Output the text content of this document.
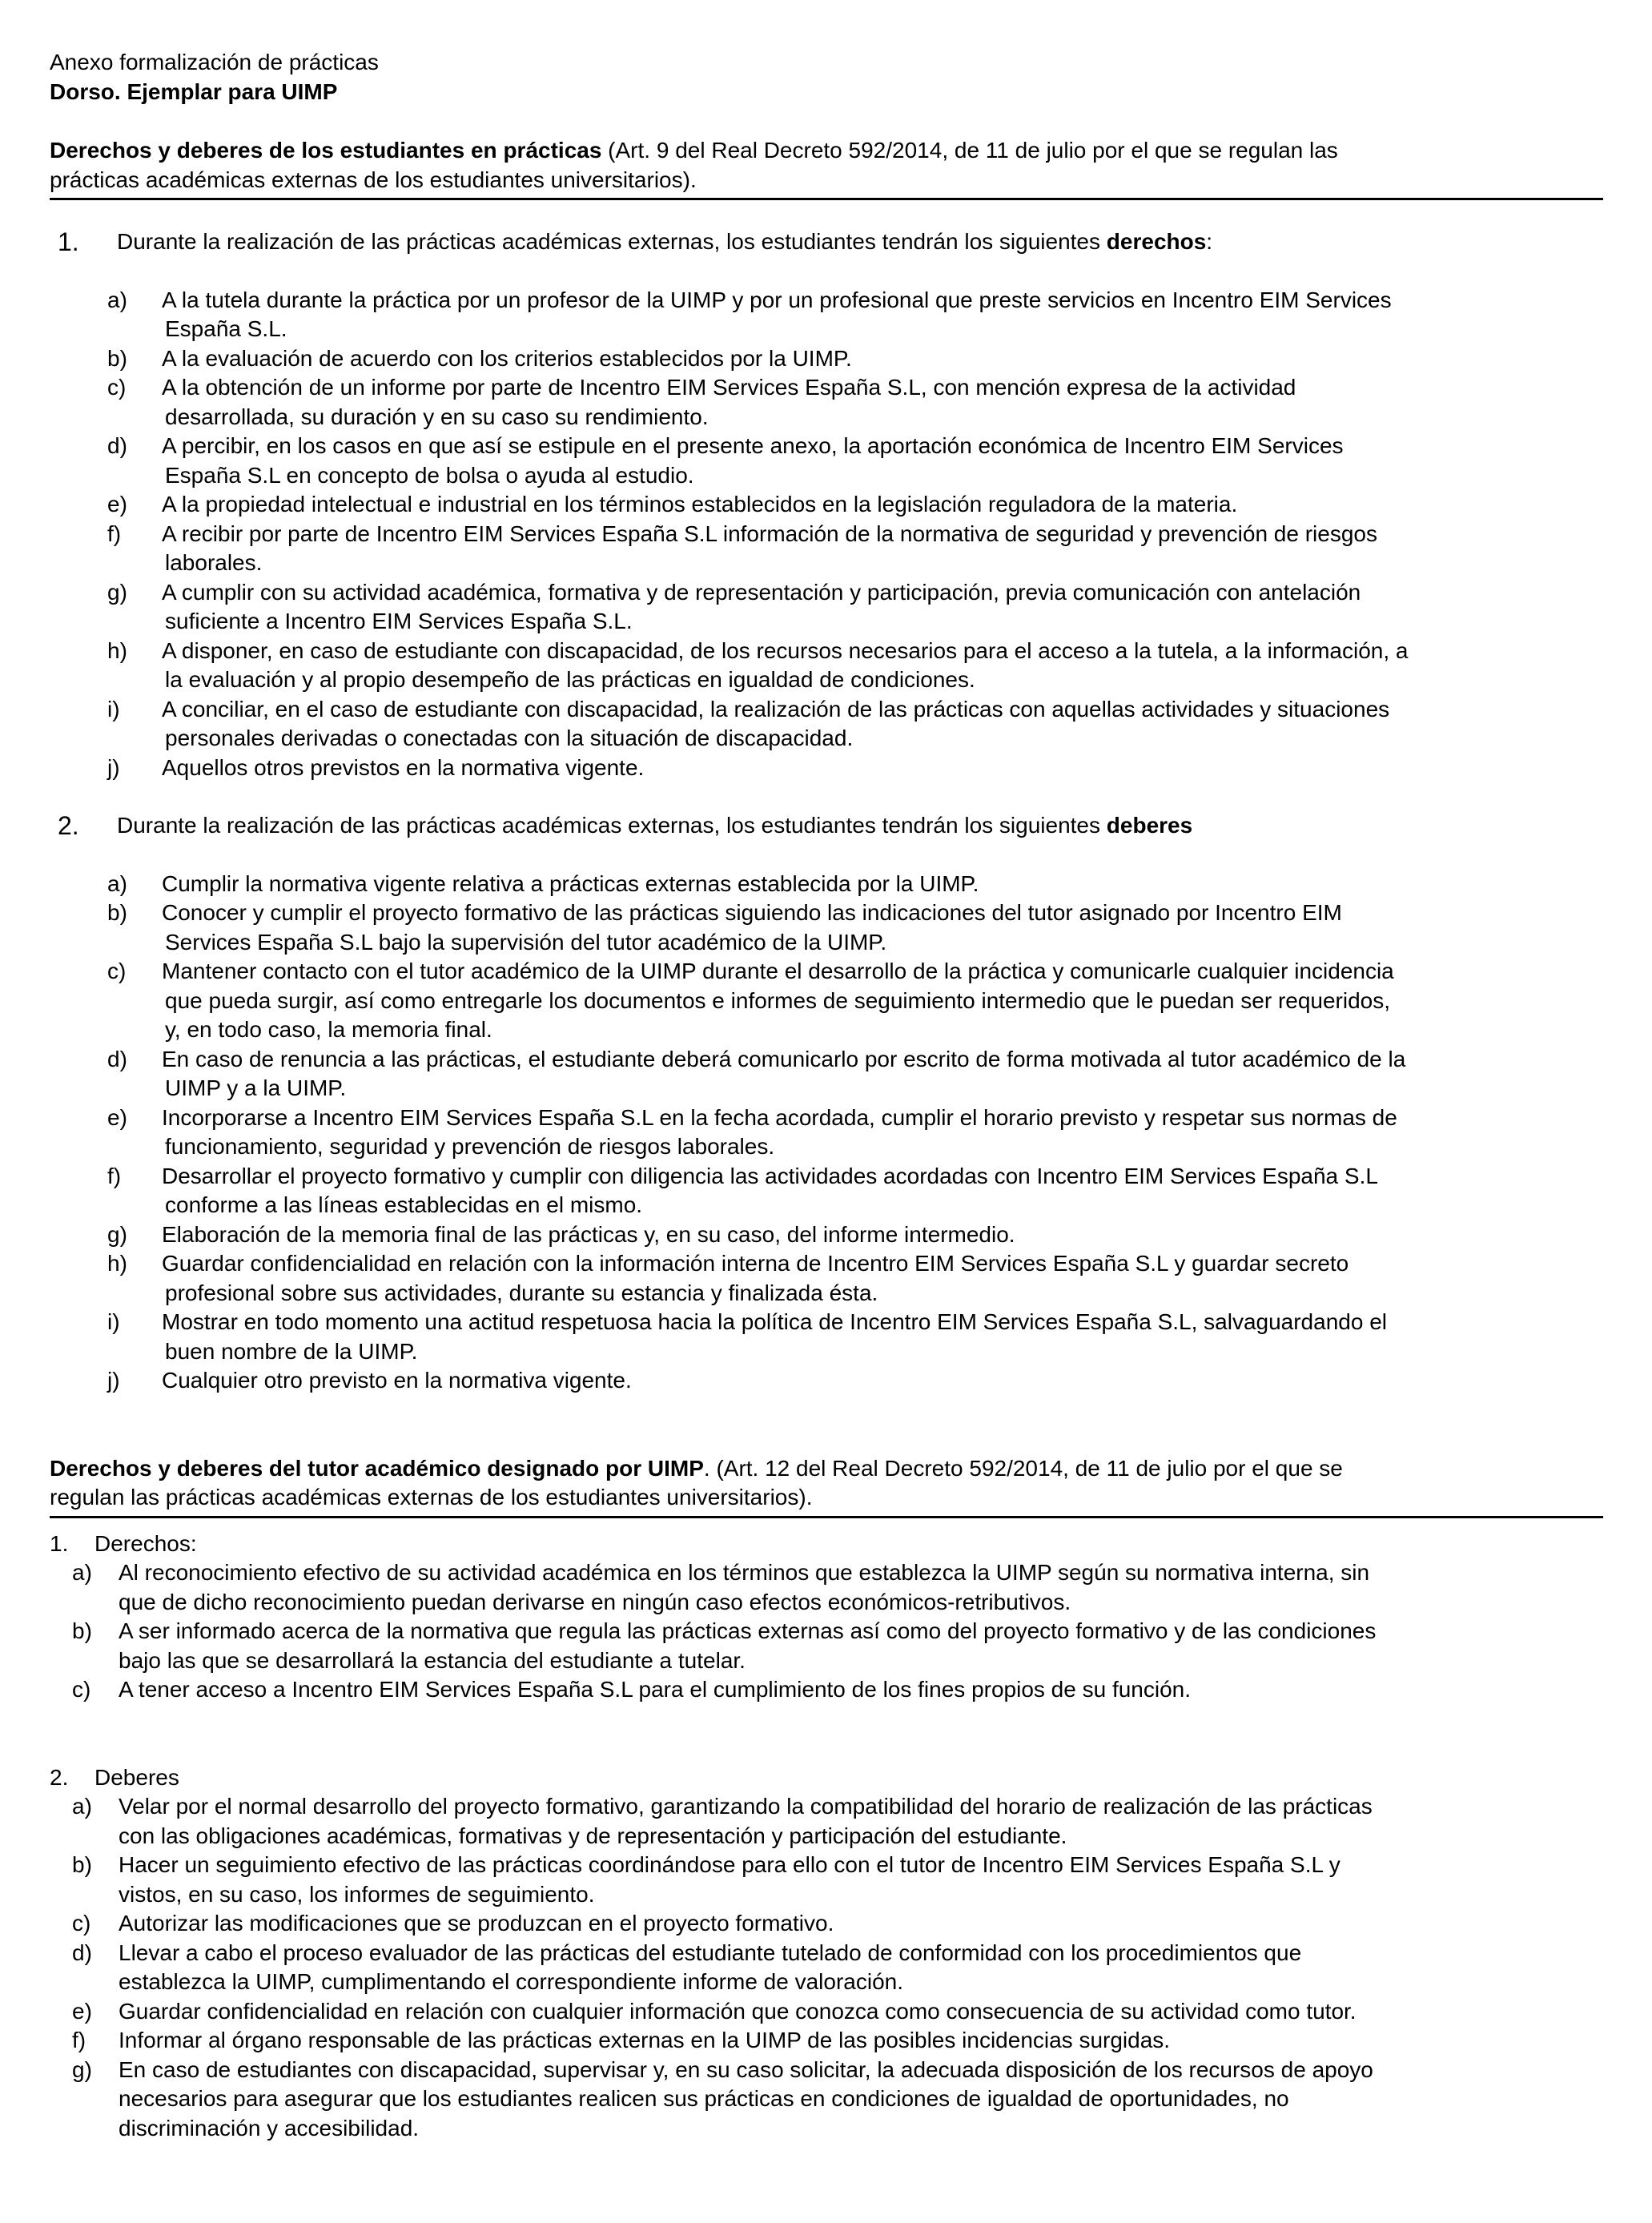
Anexo formalización de prácticas

Dorso. Ejemplar para UIMP

Derechos y deberes de los estudiantes en prácticas (Art. 9 del Real Decreto 592/2014, de 11 de julio por el que se regulan las

prácticas académicas externas de los estudiantes universitarios).

1. Durante la realización de las prácticas académicas externas, los estudiantes tendrán los siguientes derechos:

a) A la tutela durante la práctica por un profesor de la UIMP y por un profesional que preste servicios en Incentro EIM Services
España S.L.
b) A la evaluación de acuerdo con los criterios establecidos por la UIMP.
c) A la obtención de un informe por parte de Incentro EIM Services España S.L, con mención expresa de la actividad
desarrollada, su duración y en su caso su rendimiento.
d) A percibir, en los casos en que así se estipule en el presente anexo, la aportación económica de Incentro EIM Services
España S.L en concepto de bolsa o ayuda al estudio.
e) A la propiedad intelectual e industrial en los términos establecidos en la legislación reguladora de la materia.
f) A recibir por parte de Incentro EIM Services España S.L información de la normativa de seguridad y prevención de riesgos
laborales.
g) A cumplir con su actividad académica, formativa y de representación y participación, previa comunicación con antelación
suficiente a Incentro EIM Services España S.L.
h) A disponer, en caso de estudiante con discapacidad, de los recursos necesarios para el acceso a la tutela, a la información, a
la evaluación y al propio desempeño de las prácticas en igualdad de condiciones.
i) A conciliar, en el caso de estudiante con discapacidad, la realización de las prácticas con aquellas actividades y situaciones
personales derivadas o conectadas con la situación de discapacidad.
j) Aquellos otros previstos en la normativa vigente.

2. Durante la realización de las prácticas académicas externas, los estudiantes tendrán los siguientes deberes

a) Cumplir la normativa vigente relativa a prácticas externas establecida por la UIMP.
b) Conocer y cumplir el proyecto formativo de las prácticas siguiendo las indicaciones del tutor asignado por Incentro EIM
Services España S.L bajo la supervisión del tutor académico de la UIMP.
c) Mantener contacto con el tutor académico de la UIMP durante el desarrollo de la práctica y comunicarle cualquier incidencia
que pueda surgir, así como entregarle los documentos e informes de seguimiento intermedio que le puedan ser requeridos,
y, en todo caso, la memoria final.
d) En caso de renuncia a las prácticas, el estudiante deberá comunicarlo por escrito de forma motivada al tutor académico de la
UIMP y a la UIMP.
e) Incorporarse a Incentro EIM Services España S.L en la fecha acordada, cumplir el horario previsto y respetar sus normas de
funcionamiento, seguridad y prevención de riesgos laborales.
f) Desarrollar el proyecto formativo y cumplir con diligencia las actividades acordadas con Incentro EIM Services España S.L
conforme a las líneas establecidas en el mismo.
g) Elaboración de la memoria final de las prácticas y, en su caso, del informe intermedio.
h) Guardar confidencialidad en relación con la información interna de Incentro EIM Services España S.L y guardar secreto
profesional sobre sus actividades, durante su estancia y finalizada ésta.
i) Mostrar en todo momento una actitud respetuosa hacia la política de Incentro EIM Services España S.L, salvaguardando el
buen nombre de la UIMP.
j) Cualquier otro previsto en la normativa vigente.

Derechos y deberes del tutor académico designado por UIMP. (Art. 12 del Real Decreto 592/2014, de 11 de julio por el que se

regulan las prácticas académicas externas de los estudiantes universitarios).

1. Derechos:

a) Al reconocimiento efectivo de su actividad académica en los términos que establezca la UIMP según su normativa interna, sin
que de dicho reconocimiento puedan derivarse en ningún caso efectos económicos-retributivos.
b) A ser informado acerca de la normativa que regula las prácticas externas así como del proyecto formativo y de las condiciones
bajo las que se desarrollará la estancia del estudiante a tutelar.
c) A tener acceso a Incentro EIM Services España S.L para el cumplimiento de los fines propios de su función.

2. Deberes

a) Velar por el normal desarrollo del proyecto formativo, garantizando la compatibilidad del horario de realización de las prácticas
con las obligaciones académicas, formativas y de representación y participación del estudiante.
b) Hacer un seguimiento efectivo de las prácticas coordinándose para ello con el tutor de Incentro EIM Services España S.L y
vistos, en su caso, los informes de seguimiento.
c) Autorizar las modificaciones que se produzcan en el proyecto formativo.
d) Llevar a cabo el proceso evaluador de las prácticas del estudiante tutelado de conformidad con los procedimientos que
establezca la UIMP, cumplimentando el correspondiente informe de valoración.
e) Guardar confidencialidad en relación con cualquier información que conozca como consecuencia de su actividad como tutor.
f) Informar al órgano responsable de las prácticas externas en la UIMP de las posibles incidencias surgidas.
g) En caso de estudiantes con discapacidad, supervisar y, en su caso solicitar, la adecuada disposición de los recursos de apoyo
necesarios para asegurar que los estudiantes realicen sus prácticas en condiciones de igualdad de oportunidades, no
discriminación y accesibilidad.
